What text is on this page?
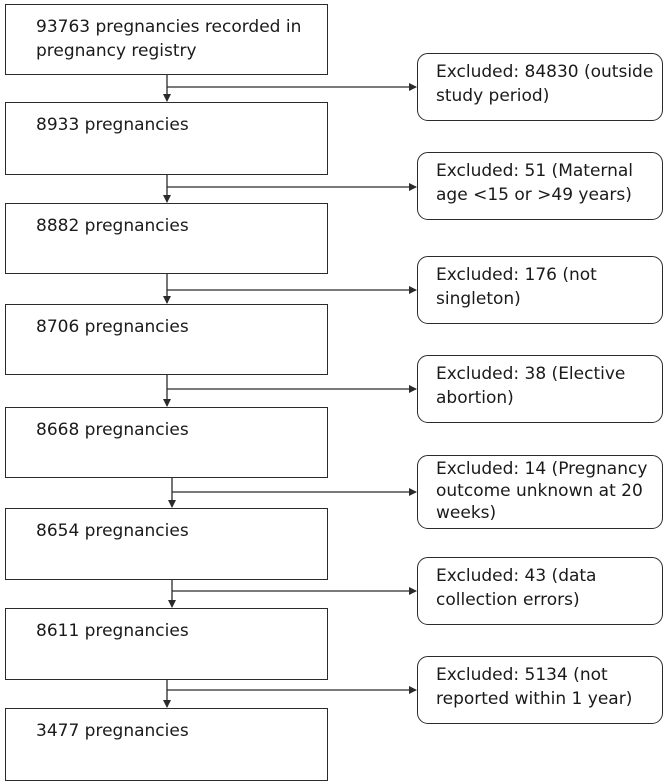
93763 pregnancies recorded in
pregnancy registry
8933 pregnancies
8882 pregnancies
8706 pregnancies
8668 pregnancies
8654 pregnancies
8611 pregnancies
3477 pregnancies
Excluded: 84830 (outside
study period)
Excluded: 51 (Maternal
age <15 or >49 years)
Excluded: 176 (not
singleton)
Excluded: 38 (Elective
abortion)
Excluded: 14 (Pregnancy
outcome unknown at 20
weeks)
Excluded: 43 (data
collection errors)
Excluded: 5134 (not
reported within 1 year)
